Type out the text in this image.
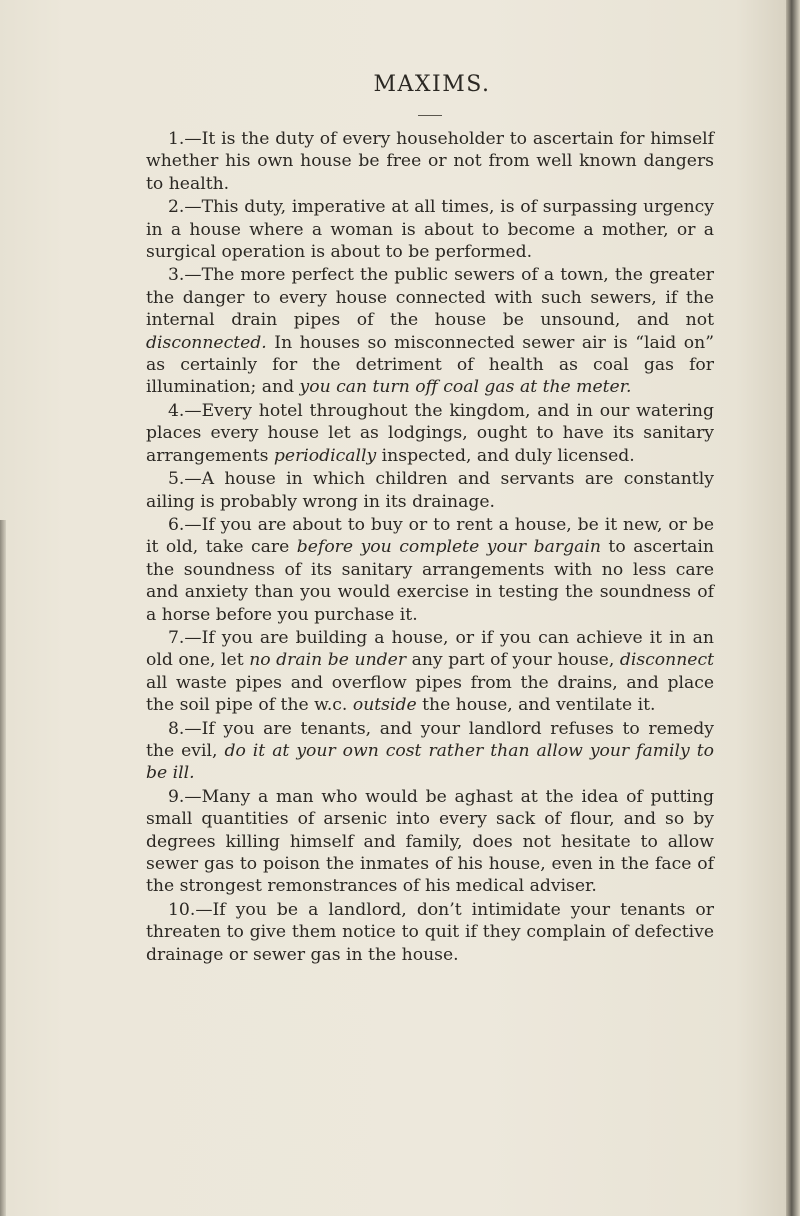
MAXIMS.

1.—It is the duty of every householder to ascertain for himself whether his own house be free or not from well known dangers to health.

2.—This duty, imperative at all times, is of surpassing urgency in a house where a woman is about to become a mother, or a surgical operation is about to be performed.

3.—The more perfect the public sewers of a town, the greater the danger to every house connected with such sewers, if the internal drain pipes of the house be unsound, and not disconnected. In houses so misconnected sewer air is “laid on” as certainly for the detriment of health as coal gas for illumination; and you can turn off coal gas at the meter.

4.—Every hotel throughout the kingdom, and in our watering places every house let as lodgings, ought to have its sanitary arrangements periodically inspected, and duly licensed.

5.—A house in which children and servants are constantly ailing is probably wrong in its drainage.

6.—If you are about to buy or to rent a house, be it new, or be it old, take care before you complete your bargain to ascertain the soundness of its sanitary arrangements with no less care and anxiety than you would exercise in testing the soundness of a horse before you purchase it.

7.—If you are building a house, or if you can achieve it in an old one, let no drain be under any part of your house, disconnect all waste pipes and overflow pipes from the drains, and place the soil pipe of the w.c. outside the house, and ventilate it.

8.—If you are tenants, and your landlord refuses to remedy the evil, do it at your own cost rather than allow your family to be ill.

9.—Many a man who would be aghast at the idea of putting small quantities of arsenic into every sack of flour, and so by degrees killing himself and family, does not hesitate to allow sewer gas to poison the inmates of his house, even in the face of the strongest remonstrances of his medical adviser.

10.—If you be a landlord, don’t intimidate your tenants or threaten to give them notice to quit if they complain of defective drainage or sewer gas in the house.
